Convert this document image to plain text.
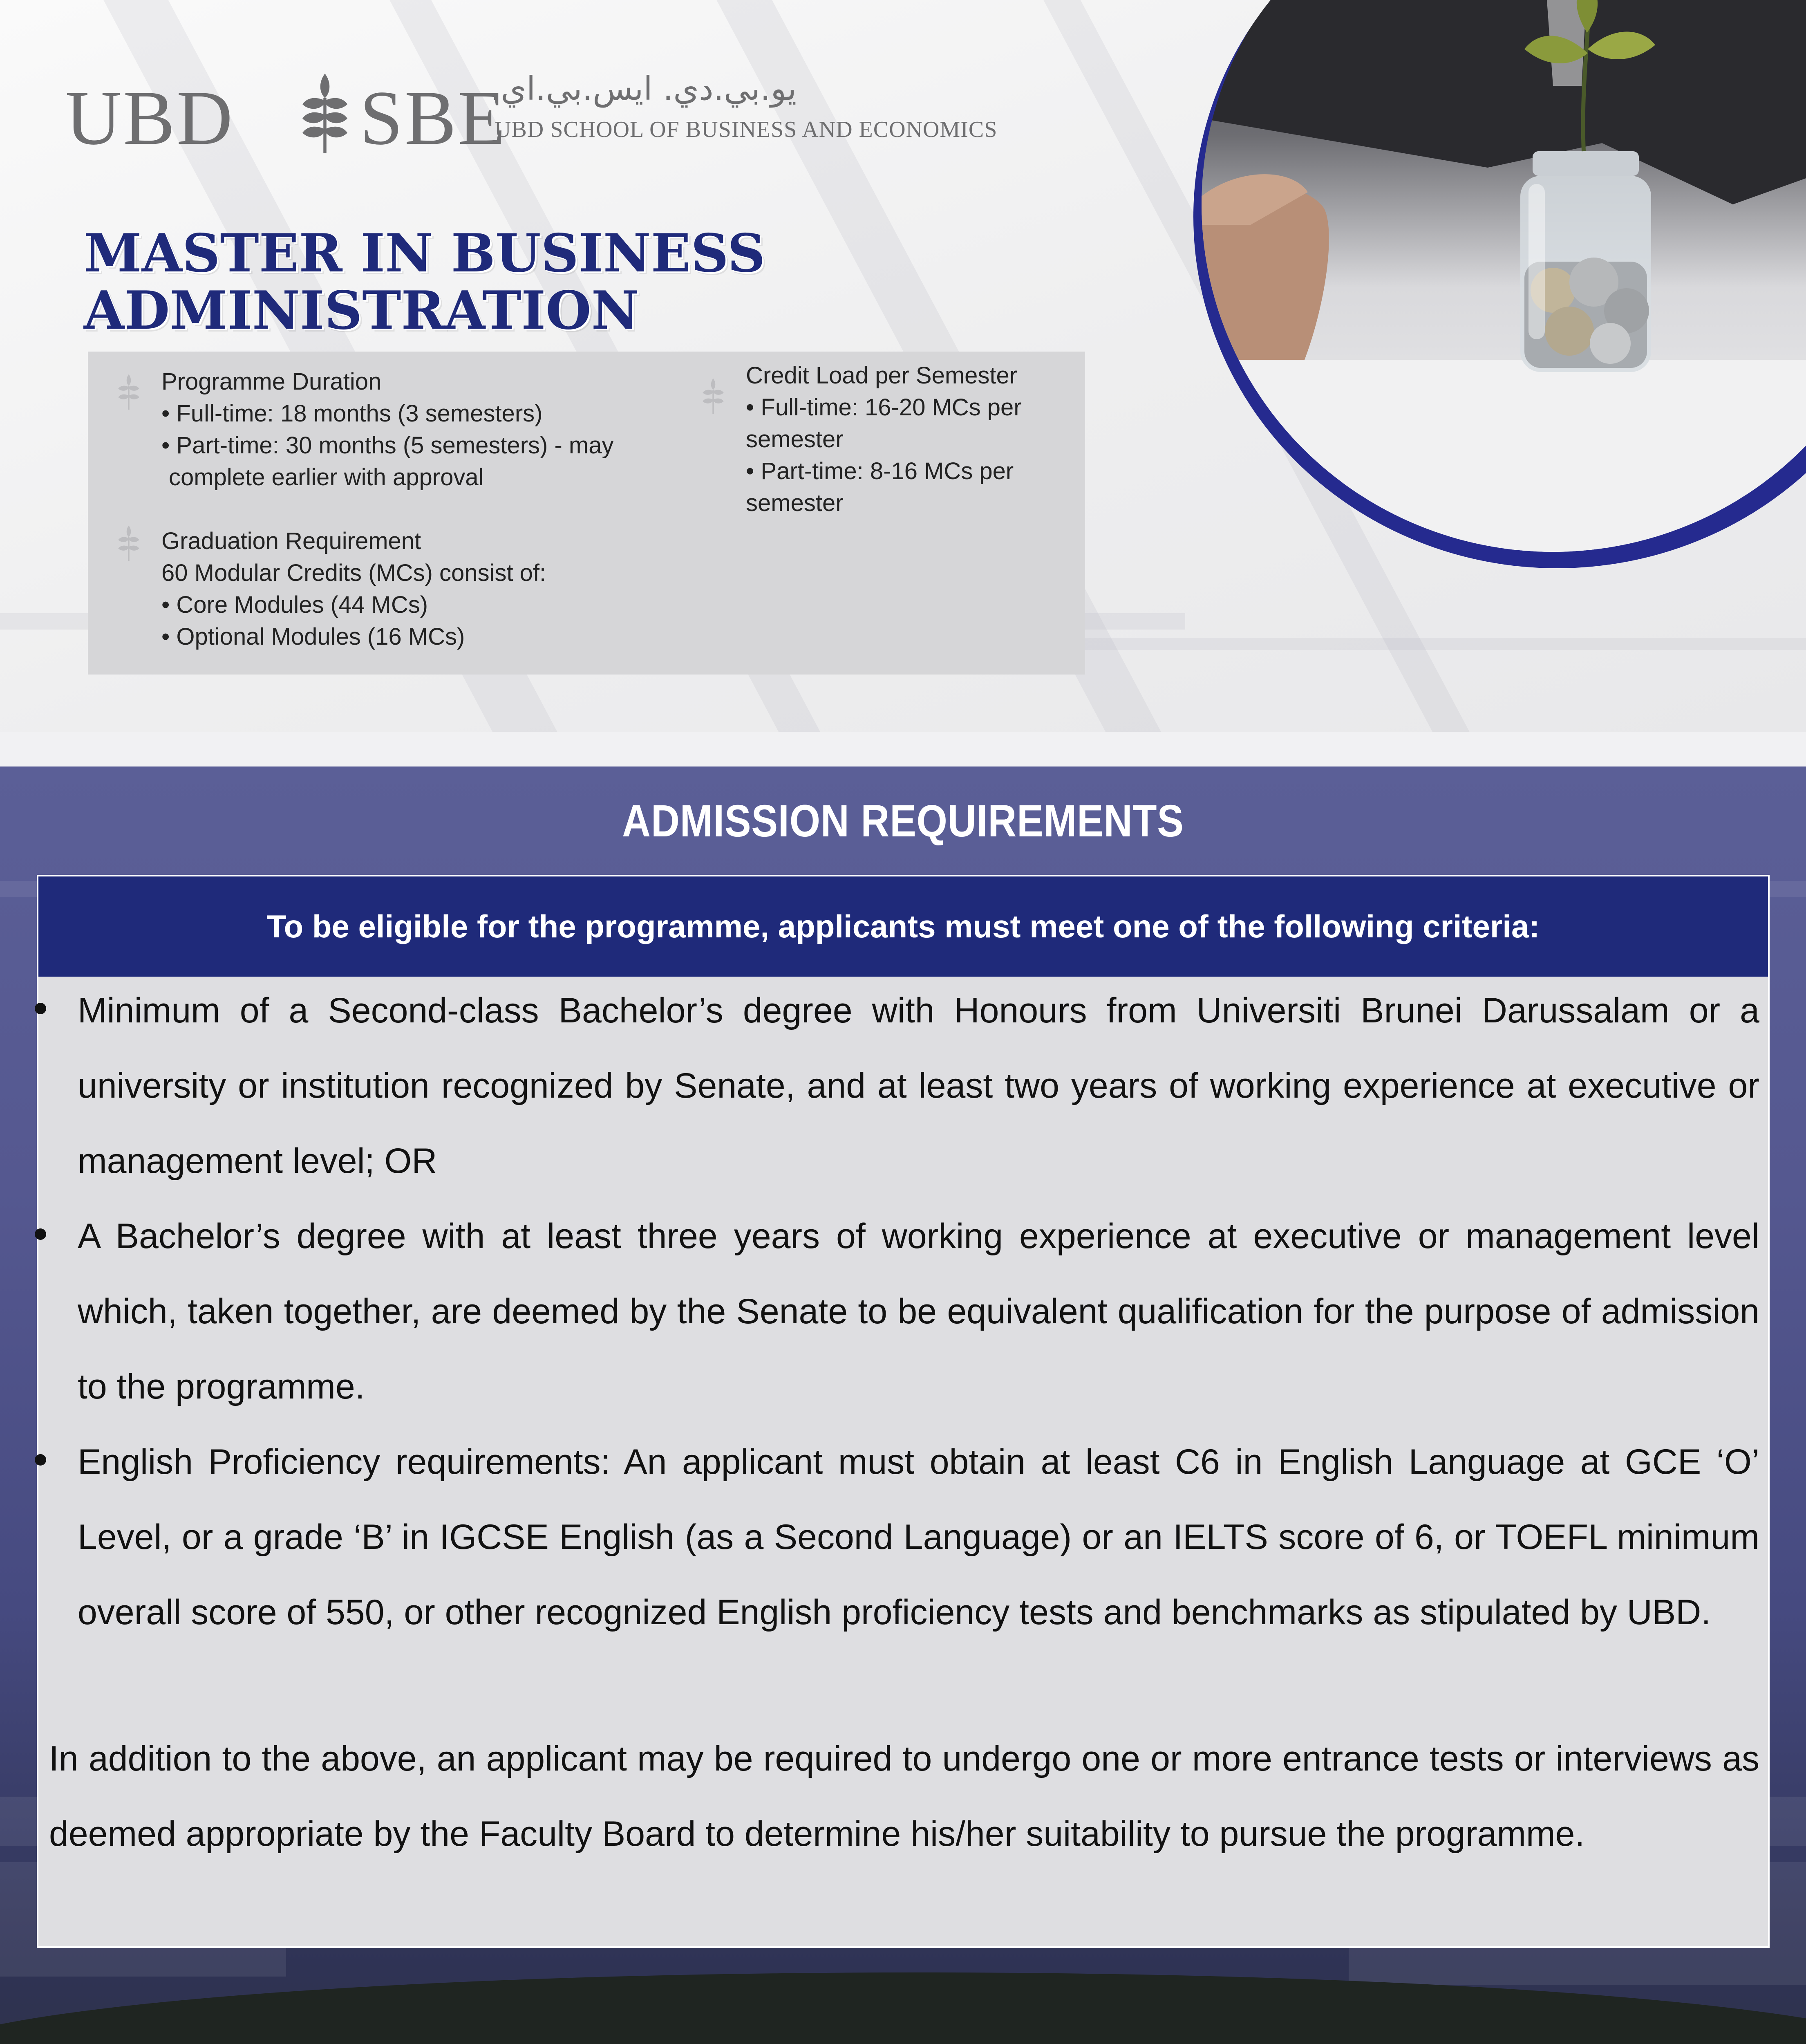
UBD SBE
يو.بي.دي. ايس.بي.اي.
UBD SCHOOL OF BUSINESS AND ECONOMICS
MASTER IN BUSINESS
ADMINISTRATION
Programme Duration
• Full-time: 18 months (3 semesters)
• Part-time: 30 months (5 semesters) - may
complete earlier with approval
Graduation Requirement
60 Modular Credits (MCs) consist of:
• Core Modules (44 MCs)
• Optional Modules (16 MCs)
Credit Load per Semester
• Full-time: 16-20 MCs per
semester
• Part-time: 8-16 MCs per
semester
ADMISSION REQUIREMENTS
To be eligible for the programme, applicants must meet one of the following criteria:
Minimum of a Second-class Bachelor’s degree with Honours from Universiti Brunei Darussalam or a university or institution recognized by Senate, and at least two years of working experience at executive or management level; OR
A Bachelor’s degree with at least three years of working experience at executive or management level which, taken together, are deemed by the Senate to be equivalent qualification for the purpose of admission to the programme.
English Proficiency requirements: An applicant must obtain at least C6 in English Language at GCE ‘O’ Level, or a grade ‘B’ in IGCSE English (as a Second Language) or an IELTS score of 6, or TOEFL minimum overall score of 550, or other recognized English proficiency tests and benchmarks as stipulated by UBD.
In addition to the above, an applicant may be required to undergo one or more entrance tests or interviews as deemed appropriate by the Faculty Board to determine his/her suitability to pursue the programme.
